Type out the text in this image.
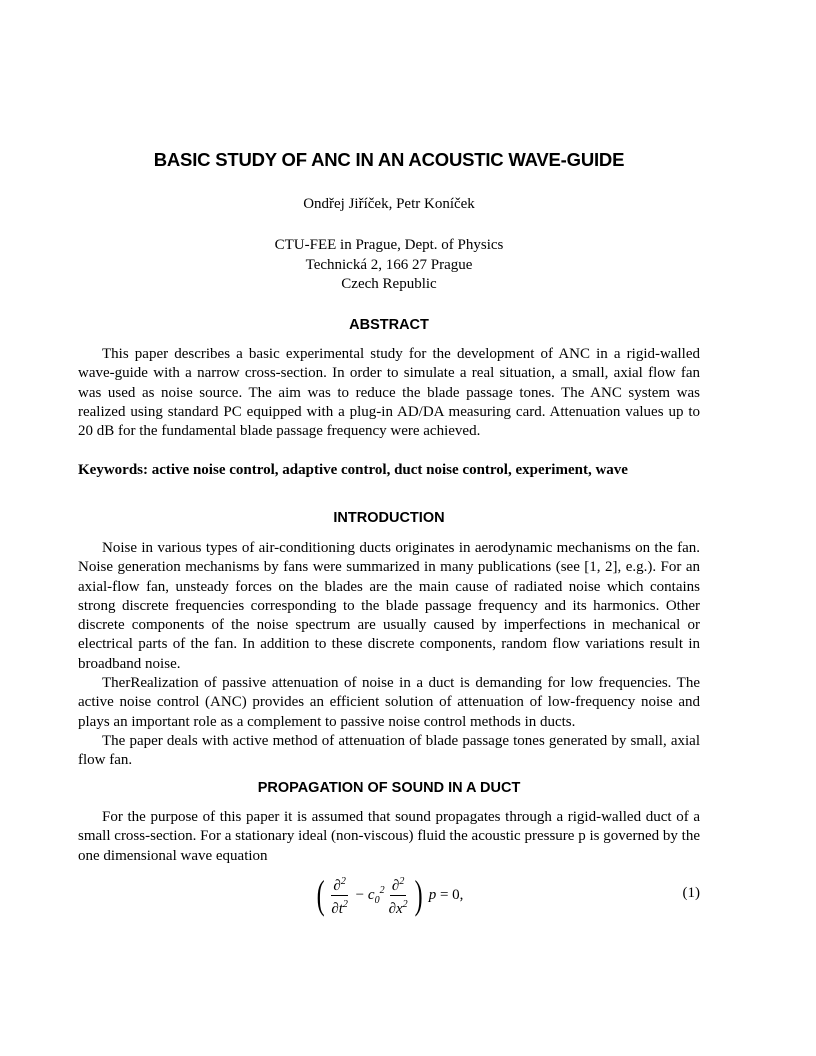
BASIC STUDY OF ANC IN AN ACOUSTIC WAVE-GUIDE
Ondřej Jiříček, Petr Koníček
CTU-FEE in Prague, Dept. of Physics
Technická 2, 166 27 Prague
Czech Republic
ABSTRACT

This paper describes a basic experimental study for the development of ANC in a rigid-walled wave-guide with a narrow cross-section. In order to simulate a real situation, a small, axial flow fan was used as noise source. The aim was to reduce the blade passage tones. The ANC system was realized using standard PC equipped with a plug-in AD/DA measuring card. Attenuation values up to 20 dB for the fundamental blade passage frequency were achieved.

Keywords: active noise control, adaptive control, duct noise control, experiment, wave

INTRODUCTION

Noise in various types of air-conditioning ducts originates in aerodynamic mechanisms on the fan. Noise generation mechanisms by fans were summarized in many publications (see [1, 2], e.g.). For an axial-flow fan, unsteady forces on the blades are the main cause of radiated noise which contains strong discrete frequencies corresponding to the blade passage frequency and its harmonics. Other discrete components of the noise spectrum are usually caused by imperfections in mechanical or electrical parts of the fan. In addition to these discrete components, random flow variations result in broadband noise.

TherRealization of passive attenuation of noise in a duct is demanding for low frequencies. The active noise control (ANC) provides an efficient solution of attenuation of low-frequency noise and plays an important role as a complement to passive noise control methods in ducts.

The paper deals with active method of attenuation of blade passage tones generated by small, axial flow fan.

PROPAGATION OF SOUND IN A DUCT

For the purpose of this paper it is assumed that sound propagates through a rigid-walled duct of a small cross-section. For a stationary ideal (non-viscous) fluid the acoustic pressure p is governed by the one dimensional wave equation

( $\frac{\partial^2}{\partial t^2} - c_0^2 \frac{\partial^2}{\partial x^2}$ ) p = 0,	(1)
